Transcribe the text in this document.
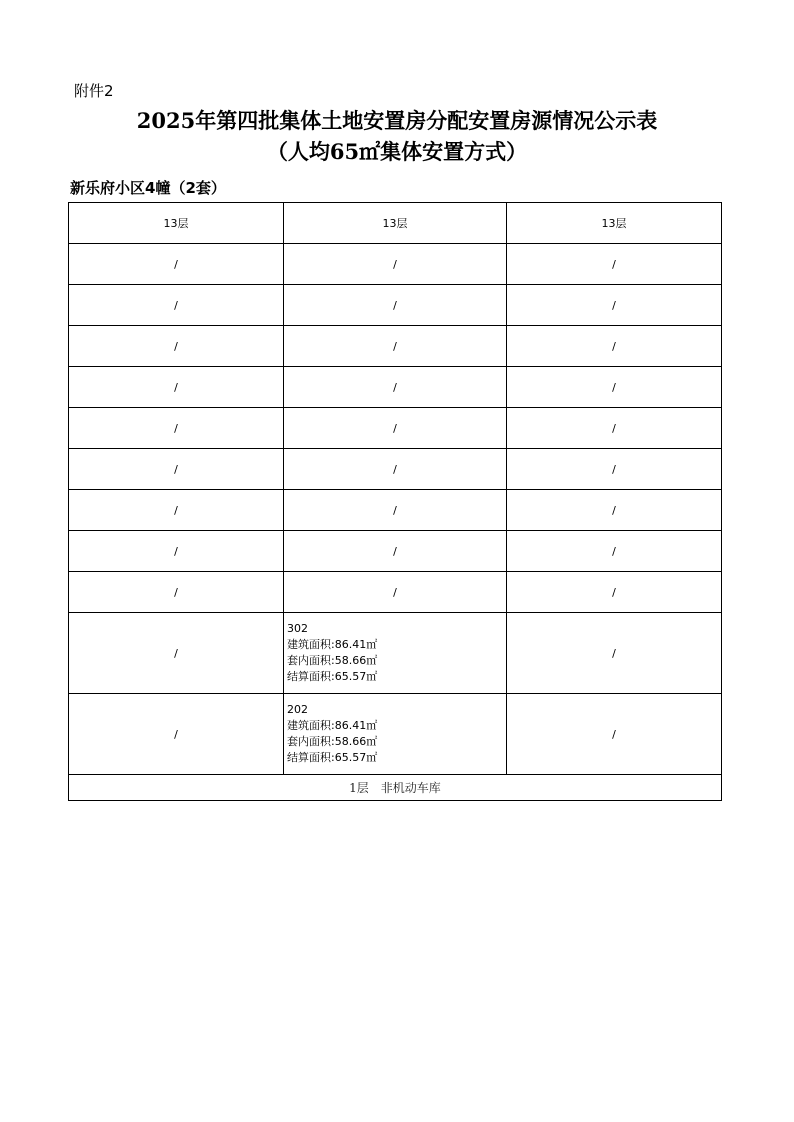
附件2
2025年第四批集体土地安置房分配安置房源情况公示表
（人均65㎡集体安置方式）
新乐府小区4幢（2套）
13层	13层	13层
/	/	/
/	/	/
/	/	/
/	/	/
/	/	/
/	/	/
/	/	/
/	/	/
/	/	/
/	302
建筑面积:86.41㎡
套内面积:58.66㎡
结算面积:65.57㎡	/
/	202
建筑面积:86.41㎡
套内面积:58.66㎡
结算面积:65.57㎡	/
1层　非机动车库		
